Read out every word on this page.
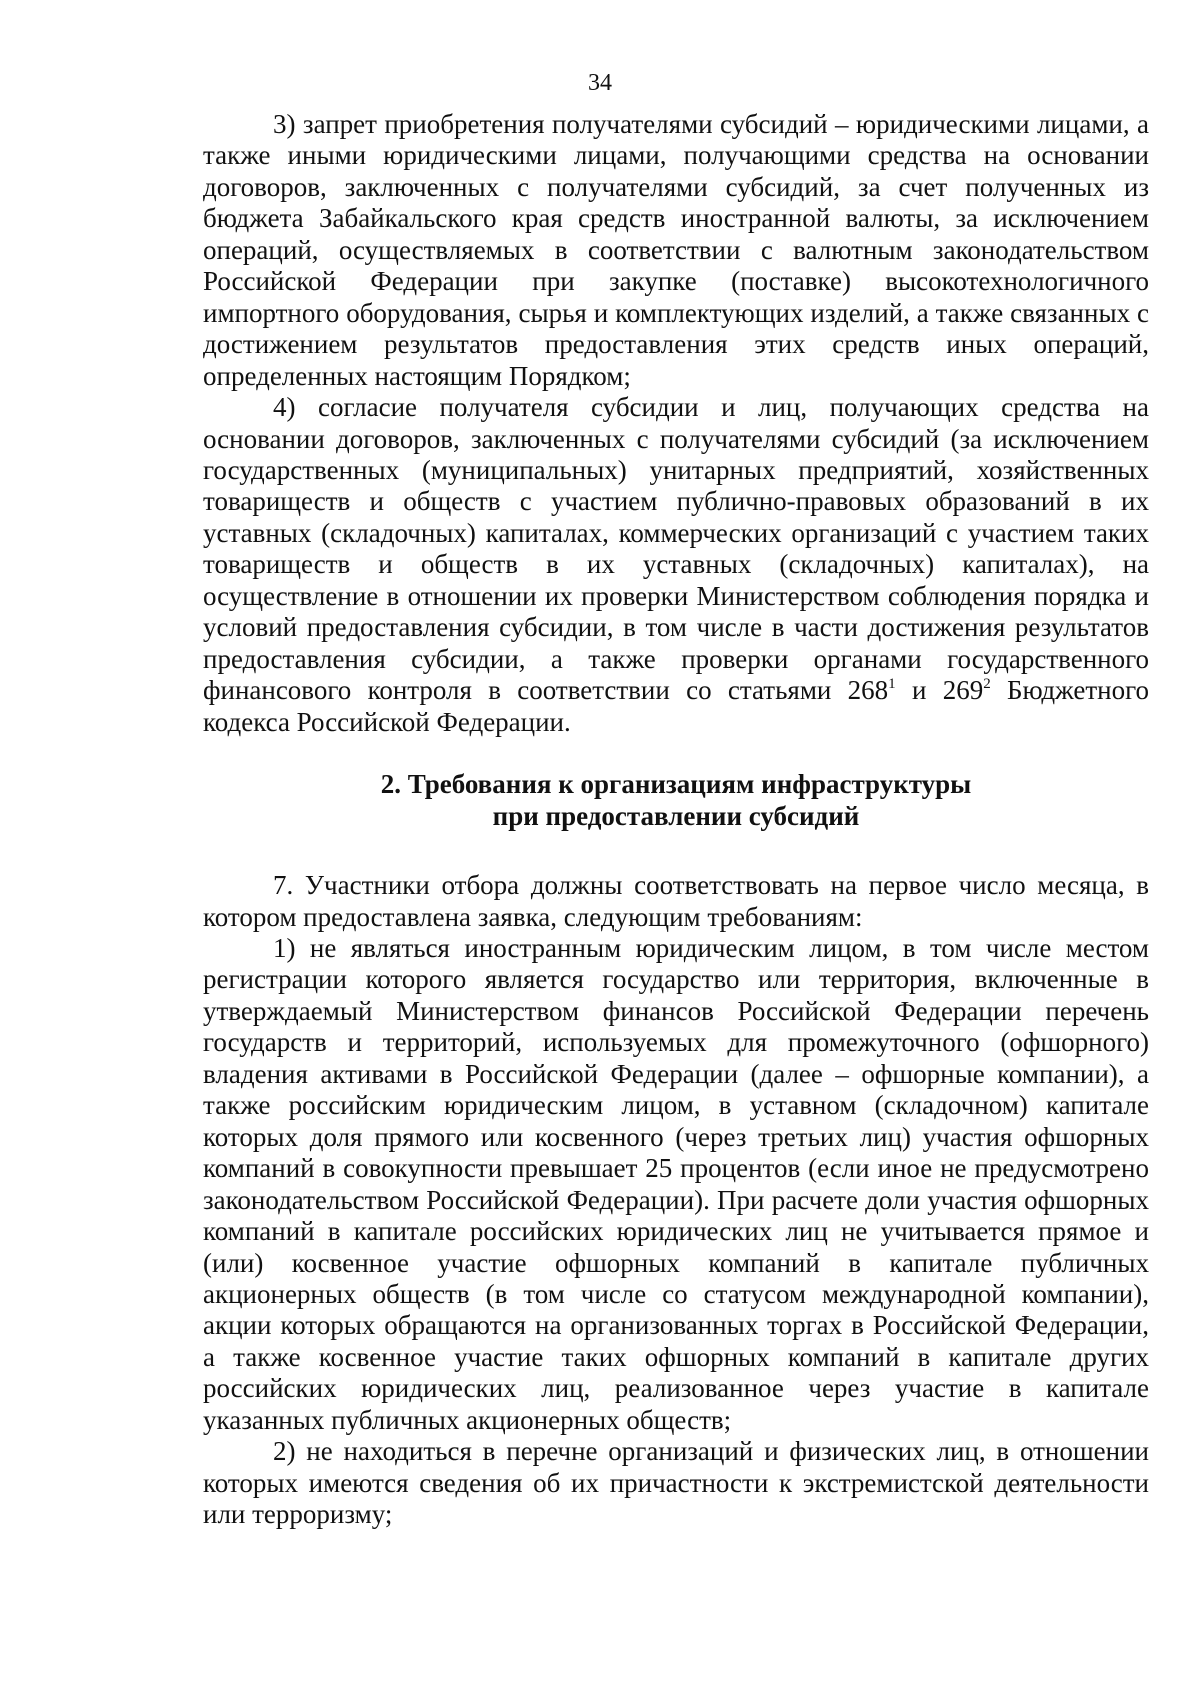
34

3) запрет приобретения получателями субсидий – юридическими лицами, а также иными юридическими лицами, получающими средства на основании договоров, заключенных с получателями субсидий, за счет полученных из бюджета Забайкальского края средств иностранной валюты, за исключением операций, осуществляемых в соответствии с валютным законодательством Российской Федерации при закупке (поставке) высокотехнологичного импортного оборудования, сырья и комплектующих изделий, а также связанных с достижением результатов предоставления этих средств иных операций, определенных настоящим Порядком;

4) согласие получателя субсидии и лиц, получающих средства на основании договоров, заключенных с получателями субсидий (за исключением государственных (муниципальных) унитарных предприятий, хозяйственных товариществ и обществ с участием публично-правовых образований в их уставных (складочных) капиталах, коммерческих организаций с участием таких товариществ и обществ в их уставных (складочных) капиталах), на осуществление в отношении их проверки Министерством соблюдения порядка и условий предоставления субсидии, в том числе в части достижения результатов предоставления субсидии, а также проверки органами государственного финансового контроля в соответствии со статьями $268^1$ и $269^2$ Бюджетного кодекса Российской Федерации.

2. Требования к организациям инфраструктуры
при предоставлении субсидий

7. Участники отбора должны соответствовать на первое число месяца, в котором предоставлена заявка, следующим требованиям:

1) не являться иностранным юридическим лицом, в том числе местом регистрации которого является государство или территория, включенные в утверждаемый Министерством финансов Российской Федерации перечень государств и территорий, используемых для промежуточного (офшорного) владения активами в Российской Федерации (далее – офшорные компании), а также российским юридическим лицом, в уставном (складочном) капитале которых доля прямого или косвенного (через третьих лиц) участия офшорных компаний в совокупности превышает 25 процентов (если иное не предусмотрено законодательством Российской Федерации). При расчете доли участия офшорных компаний в капитале российских юридических лиц не учитывается прямое и (или) косвенное участие офшорных компаний в капитале публичных акционерных обществ (в том числе со статусом международной компании), акции которых обращаются на организованных торгах в Российской Федерации, а также косвенное участие таких офшорных компаний в капитале других российских юридических лиц, реализованное через участие в капитале указанных публичных акционерных обществ;

2) не находиться в перечне организаций и физических лиц, в отношении которых имеются сведения об их причастности к экстремистской деятельности или терроризму;
